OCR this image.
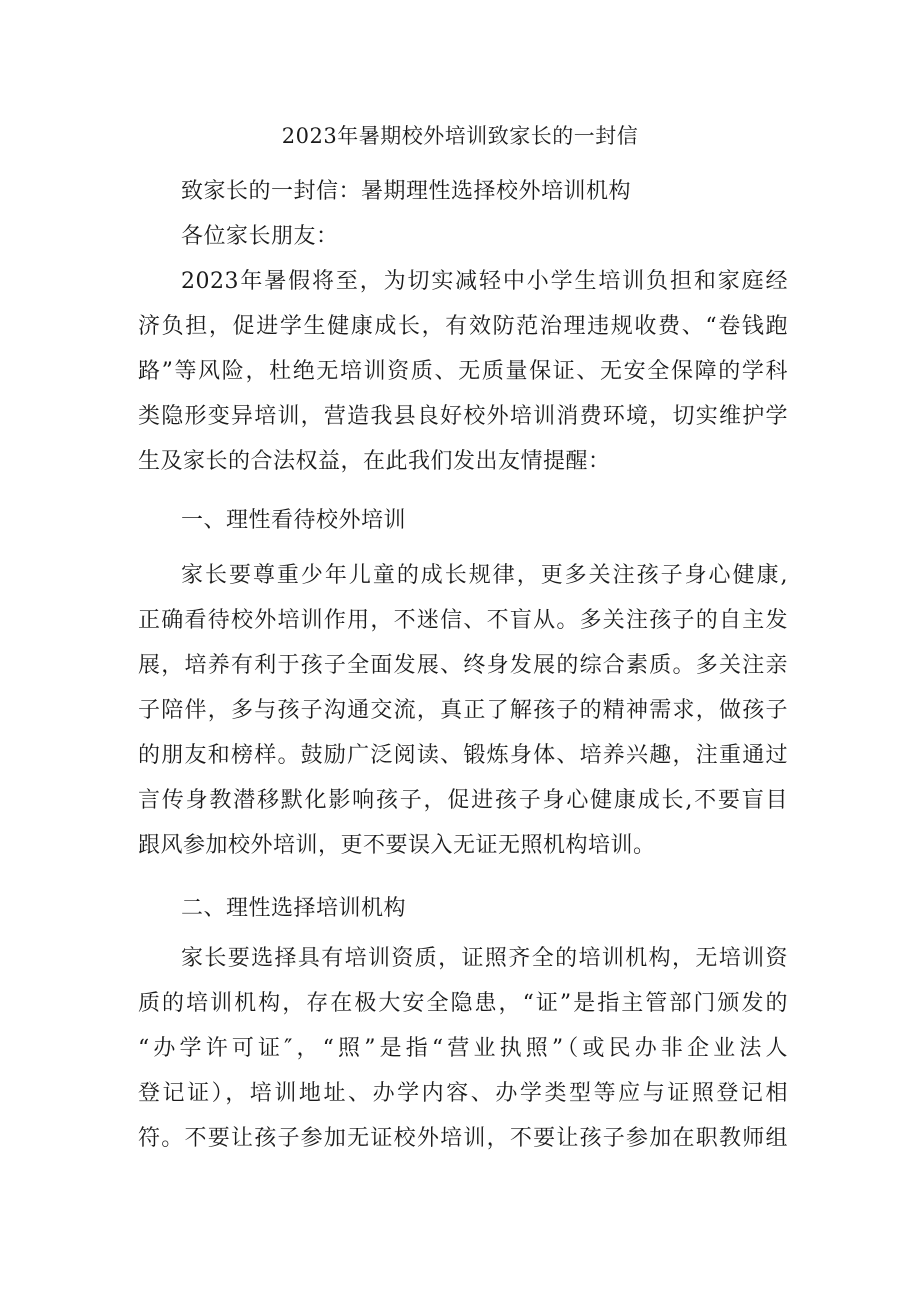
2023年暑期校外培训致家长的一封信
致家长的一封信：暑期理性选择校外培训机构
各位家长朋友：
2023年暑假将至，为切实减轻中小学生培训负担和家庭经
济负担，促进学生健康成长，有效防范治理违规收费、“卷钱跑
路”等风险，杜绝无培训资质、无质量保证、无安全保障的学科
类隐形变异培训，营造我县良好校外培训消费环境，切实维护学
生及家长的合法权益，在此我们发出友情提醒：
一、理性看待校外培训
家长要尊重少年儿童的成长规律，更多关注孩子身心健康,
正确看待校外培训作用，不迷信、不盲从。多关注孩子的自主发
展，培养有利于孩子全面发展、终身发展的综合素质。多关注亲
子陪伴，多与孩子沟通交流，真正了解孩子的精神需求，做孩子
的朋友和榜样。鼓励广泛阅读、锻炼身体、培养兴趣，注重通过
言传身教潜移默化影响孩子，促进孩子身心健康成长,不要盲目
跟风参加校外培训，更不要误入无证无照机构培训。
二、理性选择培训机构
家长要选择具有培训资质，证照齐全的培训机构，无培训资
质的培训机构，存在极大安全隐患，“证”是指主管部门颁发的
“办学许可证″，“照”是指“营业执照”（或民办非企业法人
登记证），培训地址、办学内容、办学类型等应与证照登记相
符。不要让孩子参加无证校外培训，不要让孩子参加在职教师组
